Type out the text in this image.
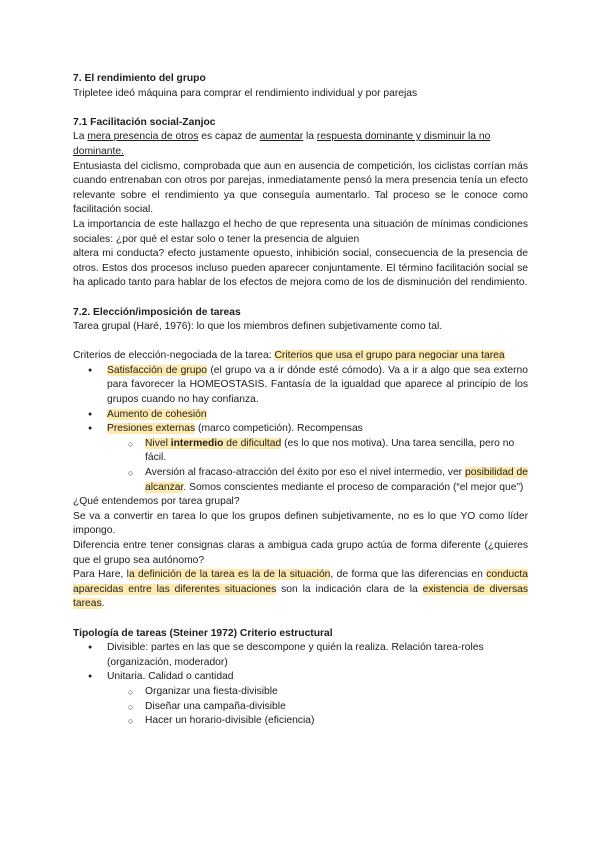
7. El rendimiento del grupo

Tripletee ideó máquina para comprar el rendimiento individual y por parejas

7.1 Facilitación social-Zanjoc

La mera presencia de otros es capaz de aumentar la respuesta dominante y disminuir la no dominante.

Entusiasta del ciclismo, comprobada que aun en ausencia de competición, los ciclistas corrían más cuando entrenaban con otros por parejas, inmediatamente pensó la mera presencia tenía un efecto relevante sobre el rendimiento ya que conseguía aumentarlo. Tal proceso se le conoce como facilitación social.

La importancia de este hallazgo el hecho de que representa una situación de mínimas condiciones sociales: ¿por qué el estar solo o tener la presencia de alguien

altera mi conducta? efecto justamente opuesto, inhibición social, consecuencia de la presencia de otros. Estos dos procesos incluso pueden aparecer conjuntamente. El término facilitación social se ha aplicado tanto para hablar de los efectos de mejora como de los de disminución del rendimiento.

7.2. Elección/imposición de tareas

Tarea grupal (Haré, 1976): lo que los miembros definen subjetivamente como tal.

Criterios de elección-negociada de la tarea: Criterios que usa el grupo para negociar una tarea

● Satisfacción de grupo (el grupo va a ir dónde esté cómodo). Va a ir a algo que sea externo para favorecer la HOMEOSTASIS. Fantasía de la igualdad que aparece al principio de los grupos cuando no hay confianza.

● Aumento de cohesión

● Presiones externas (marco competición). Recompensas

○ Nivel intermedio de dificultad (es lo que nos motiva). Una tarea sencilla, pero no fácil.

○ Aversión al fracaso-atracción del éxito por eso el nivel intermedio, ver posibilidad de alcanzar. Somos conscientes mediante el proceso de comparación (“el mejor que”)

¿Qué entendemos por tarea grupal?

Se va a convertir en tarea lo que los grupos definen subjetivamente, no es lo que YO como líder impongo.

Diferencia entre tener consignas claras a ambigua cada grupo actúa de forma diferente (¿quieres que el grupo sea autónomo?

Para Hare, la definición de la tarea es la de la situación, de forma que las diferencias en conducta aparecidas entre las diferentes situaciones son la indicación clara de la existencia de diversas tareas.

Tipología de tareas (Steiner 1972) Criterio estructural

● Divisible: partes en las que se descompone y quién la realiza. Relación tarea-roles (organización, moderador)

● Unitaria. Calidad o cantidad

○ Organizar una fiesta-divisible

○ Diseñar una campaña-divisible

○ Hacer un horario-divisible (eficiencia)
